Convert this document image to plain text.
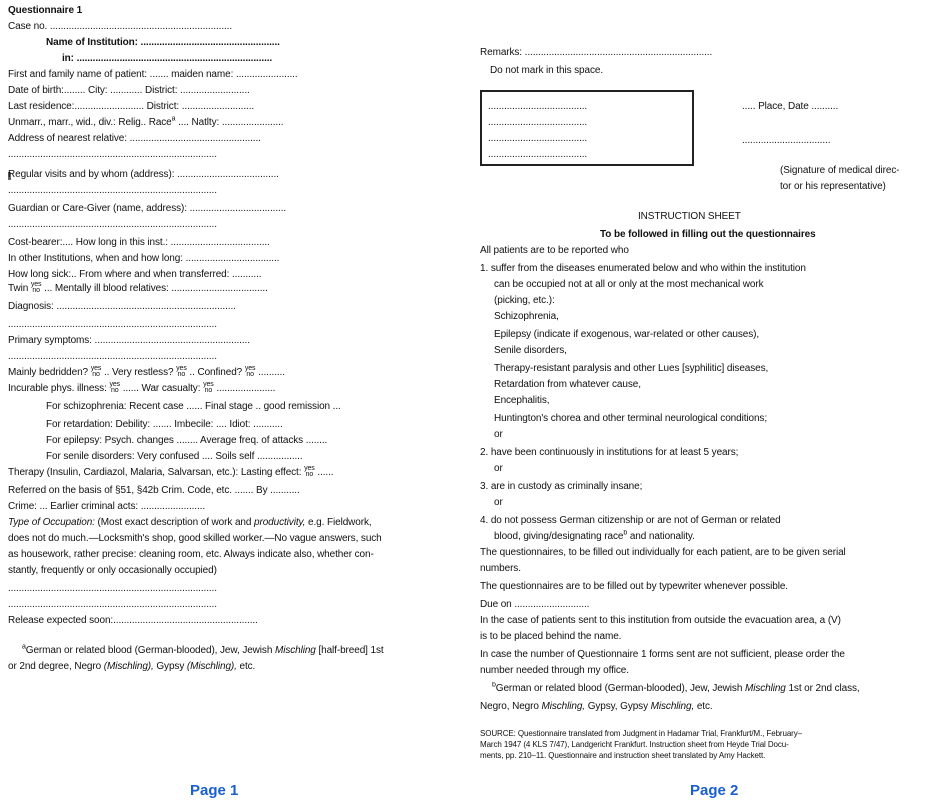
Questionnaire 1
Case no. ....................................................................
Name of Institution: ....................................................
in: .........................................................................
First and family name of patient: ....... maiden name: .......................
Date of birth:........ City: ............ District: ..........................
Last residence:.......................... District: ...........................
Unmarr., marr., wid., div.: Relig.. Race$^a$ .... Natlty: .......................
Address of nearest relative: .................................................
..............................................................................
Regular visits and by whom (address): ......................................
..............................................................................
Guardian or Care-Giver (name, address): ....................................
..............................................................................
Cost-bearer:.... How long in this inst.: .....................................
In other Institutions, when and how long: ...................................
How long sick:.. From where and when transferred: ...........
Twin yes
no ... Mentally ill blood relatives: ....................................
Diagnosis: ...................................................................
..............................................................................
Primary symptoms: ..........................................................
..............................................................................
Mainly bedridden? yes
no .. Very restless? yes
no .. Confined? yes
no ..........
Incurable phys. illness: yes
no ...... War casualty: yes
no ......................
For schizophrenia: Recent case ...... Final stage .. good remission ...
For retardation: Debility: ....... Imbecile: .... Idiot: ...........
For epilepsy: Psych. changes ........ Average freq. of attacks ........
For senile disorders: Very confused .... Soils self .................
Therapy (Insulin, Cardiazol, Malaria, Salvarsan, etc.): Lasting effect: yes
no ......
Referred on the basis of §51, §42b Crim. Code, etc. ....... By ...........
Crime: ... Earlier criminal acts: ........................
Type of Occupation: (Most exact description of work and productivity, e.g. Fieldwork,
does not do much.—Locksmith's shop, good skilled worker.—No vague answers, such
as housework, rather precise: cleaning room, etc. Always indicate also, whether con-
stantly, frequently or only occasionally occupied)
..............................................................................
..............................................................................
Release expected soon:......................................................
$^a$German or related blood (German-blooded), Jew, Jewish Mischling [half-breed] 1st
or 2nd degree, Negro (Mischling), Gypsy (Mischling), etc.
Remarks: ......................................................................
Do not mark in this space.
.....................................
.....................................
.....................................
.....................................
..... Place, Date ..........
.................................
(Signature of medical direc-
tor or his representative)
INSTRUCTION SHEET
To be followed in filling out the questionnaires
All patients are to be reported who
1. suffer from the diseases enumerated below and who within the institution
can be occupied not at all or only at the most mechanical work
(picking, etc.):
Schizophrenia,
Epilepsy (indicate if exogenous, war-related or other causes),
Senile disorders,
Therapy-resistant paralysis and other Lues [syphilitic] diseases,
Retardation from whatever cause,
Encephalitis,
Huntington's chorea and other terminal neurological conditions;
or
2. have been continuously in institutions for at least 5 years;
or
3. are in custody as criminally insane;
or
4. do not possess German citizenship or are not of German or related
blood, giving/designating race$^b$ and nationality.
The questionnaires, to be filled out individually for each patient, are to be given serial
numbers.
The questionnaires are to be filled out by typewriter whenever possible.
Due on ............................
In the case of patients sent to this institution from outside the evacuation area, a (V)
is to be placed behind the name.
In case the number of Questionnaire 1 forms sent are not sufficient, please order the
number needed through my office.
$^b$German or related blood (German-blooded), Jew, Jewish Mischling 1st or 2nd class,
Negro, Negro Mischling, Gypsy, Gypsy Mischling, etc.
SOURCE: Questionnaire translated from Judgment in Hadamar Trial, Frankfurt/M., February–
March 1947 (4 KLS 7/47), Landgericht Frankfurt. Instruction sheet from Heyde Trial Docu-
ments, pp. 210–11. Questionnaire and instruction sheet translated by Amy Hackett.
Page 1	Page 2
